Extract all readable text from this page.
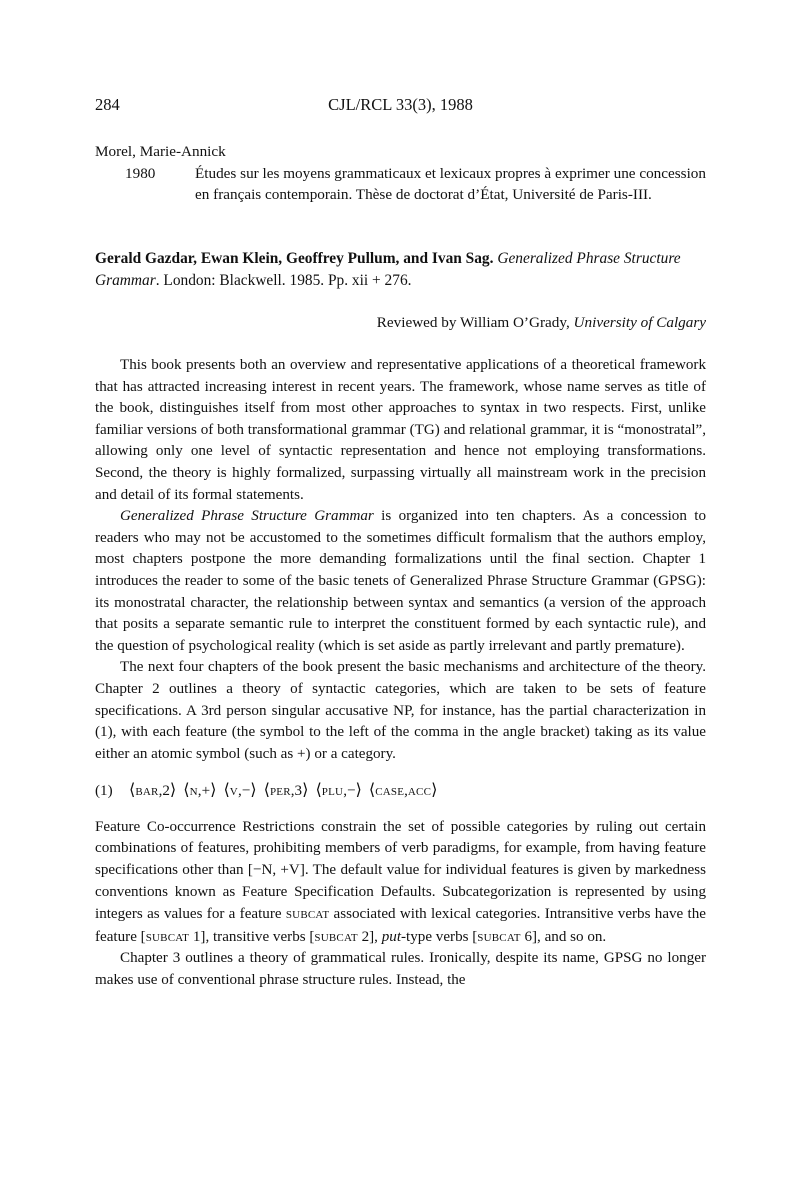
284	CJL/RCL 33(3), 1988
Morel, Marie-Annick
1980	Études sur les moyens grammaticaux et lexicaux propres à exprimer une concession en français contemporain. Thèse de doctorat d’État, Université de Paris-III.
Gerald Gazdar, Ewan Klein, Geoffrey Pullum, and Ivan Sag. Generalized Phrase Structure Grammar. London: Blackwell. 1985. Pp. xii + 276.
Reviewed by William O’Grady, University of Calgary

This book presents both an overview and representative applications of a theoretical framework that has attracted increasing interest in recent years. The framework, whose name serves as title of the book, distinguishes itself from most other approaches to syntax in two respects. First, unlike familiar versions of both transformational grammar (TG) and relational grammar, it is “monostratal”, allowing only one level of syntactic representation and hence not employing transformations. Second, the theory is highly formalized, surpassing virtually all mainstream work in the precision and detail of its formal statements.

Generalized Phrase Structure Grammar is organized into ten chapters. As a concession to readers who may not be accustomed to the sometimes difficult formalism that the authors employ, most chapters postpone the more demanding formalizations until the final section. Chapter 1 introduces the reader to some of the basic tenets of Generalized Phrase Structure Grammar (GPSG): its monostratal character, the relationship between syntax and semantics (a version of the approach that posits a separate semantic rule to interpret the constituent formed by each syntactic rule), and the question of psychological reality (which is set aside as partly irrelevant and partly premature).

The next four chapters of the book present the basic mechanisms and architecture of the theory. Chapter 2 outlines a theory of syntactic categories, which are taken to be sets of feature specifications. A 3rd person singular accusative NP, for instance, has the partial characterization in (1), with each feature (the symbol to the left of the comma in the angle bracket) taking as its value either an atomic symbol (such as +) or a category.

(1) ⟨bar,2⟩ ⟨n,+⟩ ⟨v,−⟩ ⟨per,3⟩ ⟨plu,−⟩ ⟨case,acc⟩

Feature Co-occurrence Restrictions constrain the set of possible categories by ruling out certain combinations of features, prohibiting members of verb paradigms, for example, from having feature specifications other than [−N, +V]. The default value for individual features is given by markedness conventions known as Feature Specification Defaults. Subcategorization is represented by using integers as values for a feature subcat associated with lexical categories. Intransitive verbs have the feature [subcat 1], transitive verbs [subcat 2], put-type verbs [subcat 6], and so on.

Chapter 3 outlines a theory of grammatical rules. Ironically, despite its name, GPSG no longer makes use of conventional phrase structure rules. Instead, the
